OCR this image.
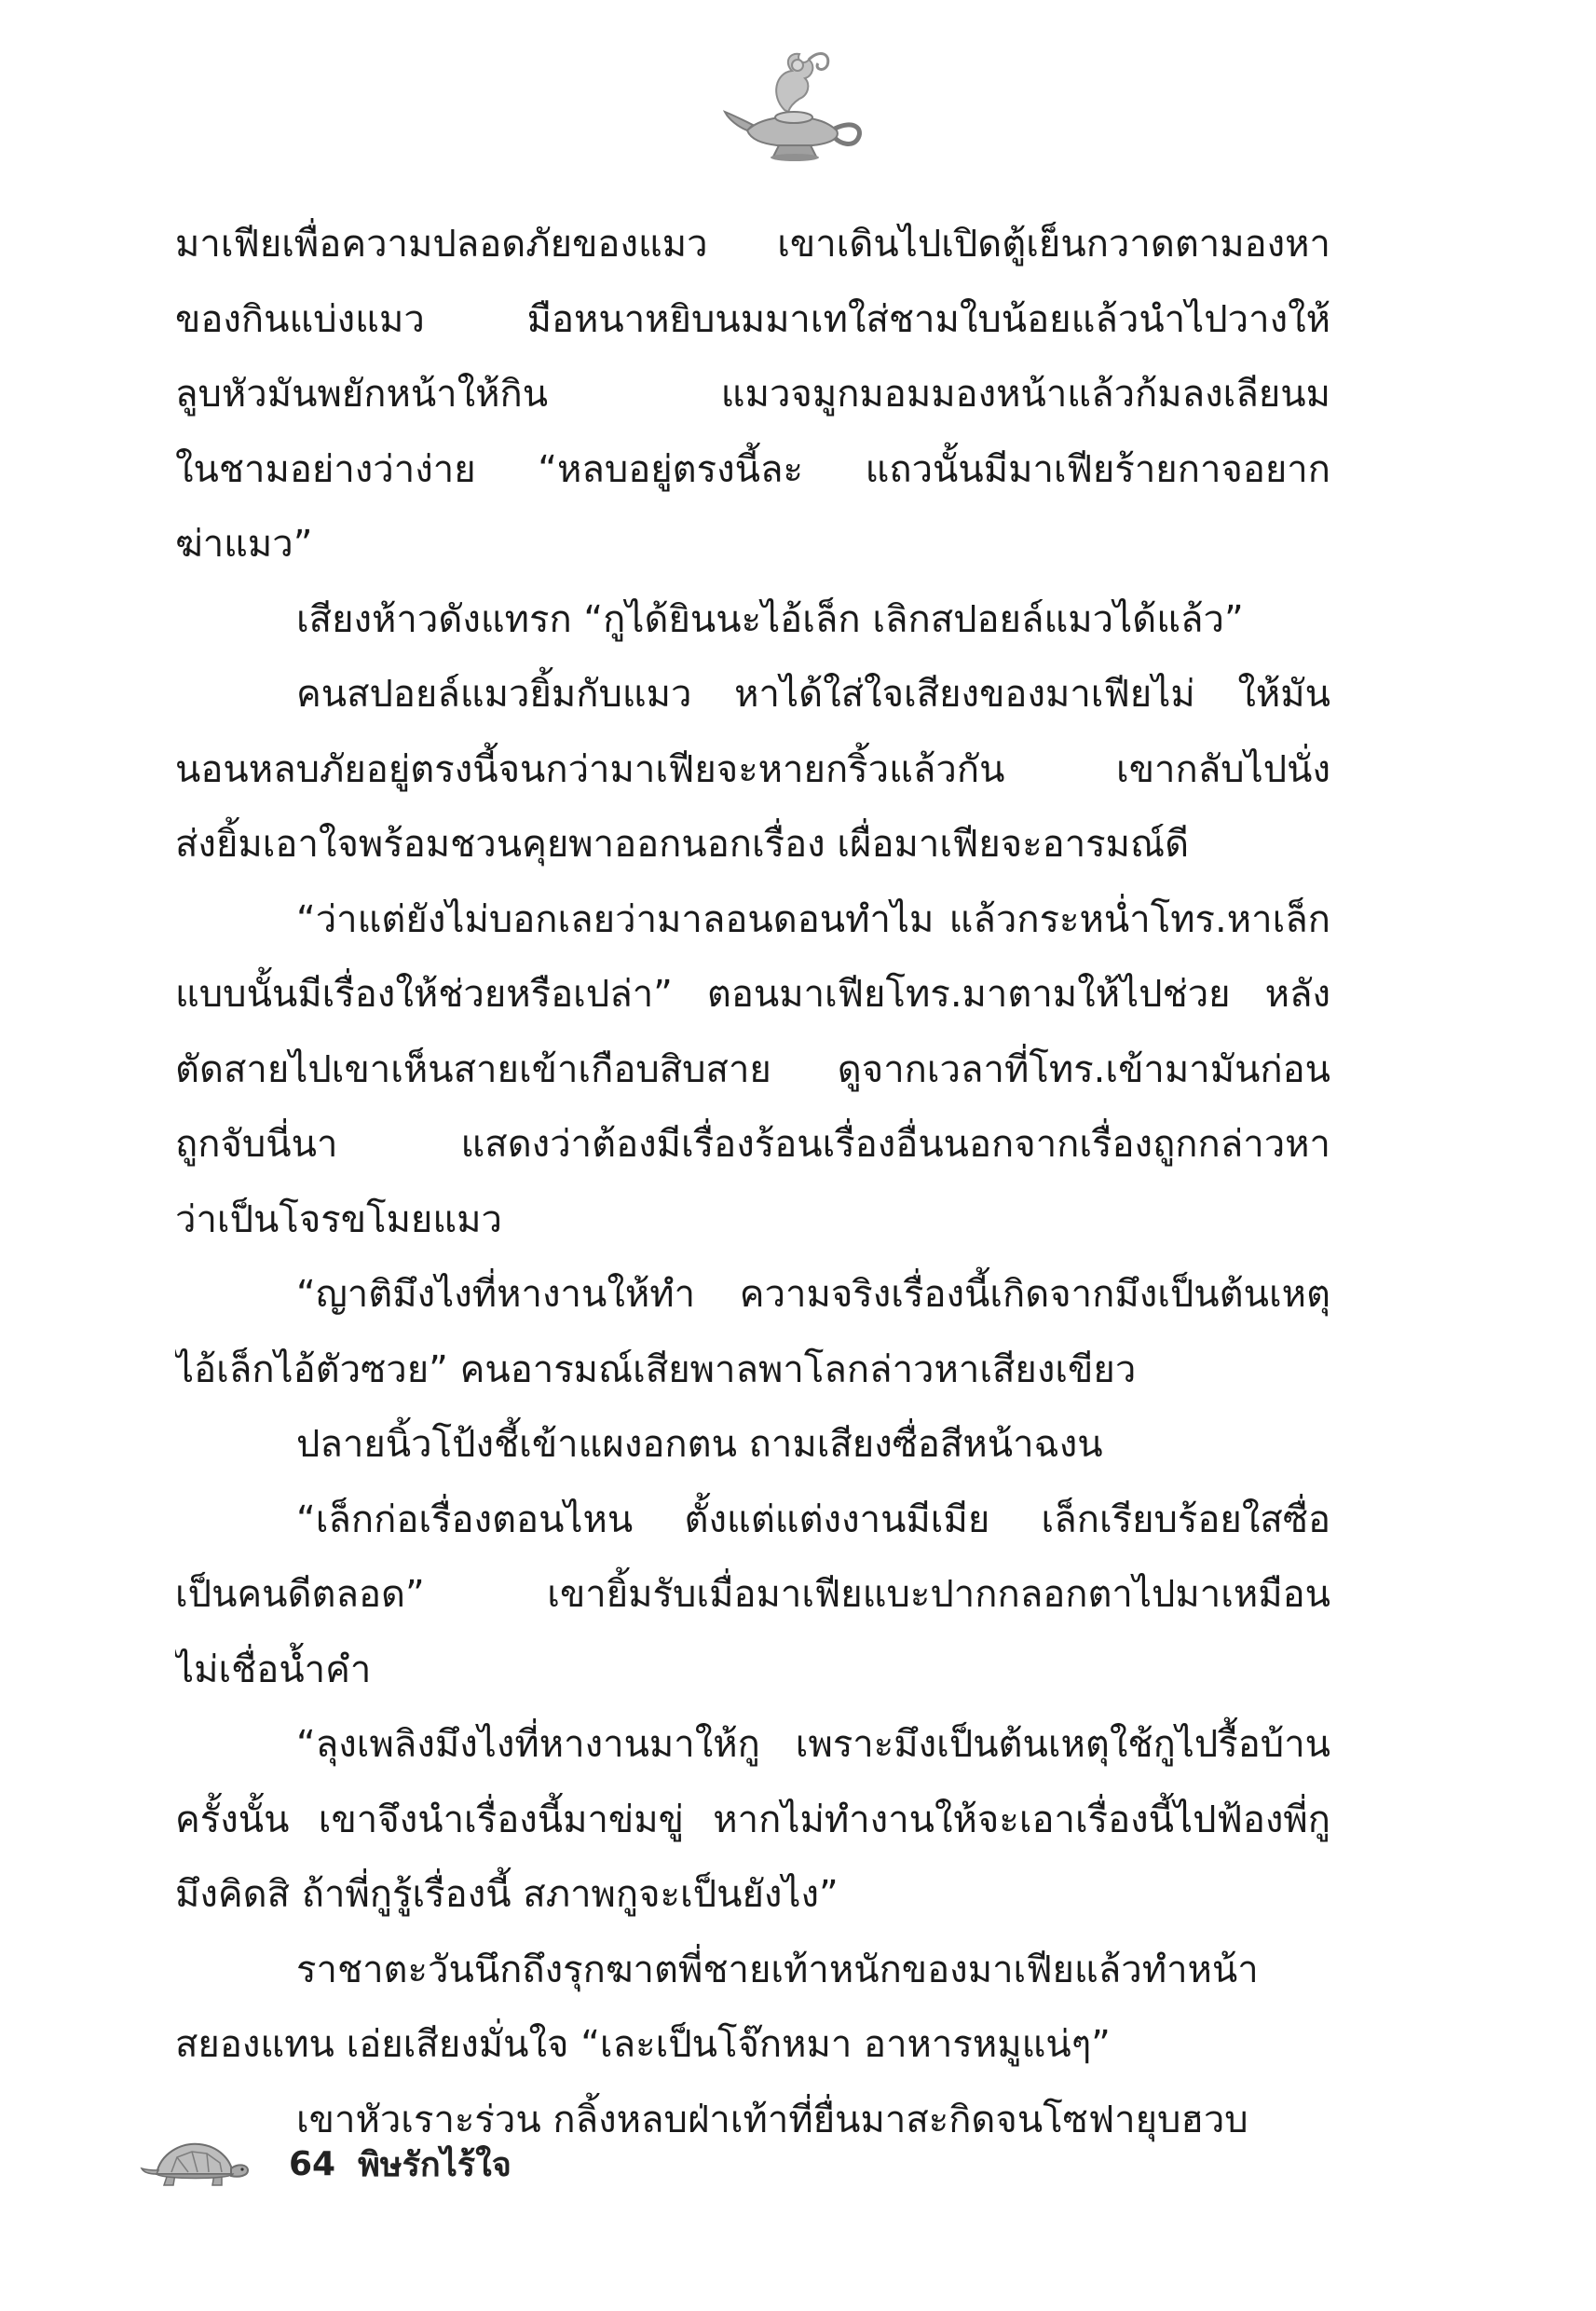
มาเฟียเพื่อความปลอดภัยของแมว เขาเดินไปเปิดตู้เย็นกวาดตามองหา
ของกินแบ่งแมว มือหนาหยิบนมมาเทใส่ชามใบน้อยแล้วนำไปวางให้
ลูบหัวมันพยักหน้าให้กิน แมวจมูกมอมมองหน้าแล้วก้มลงเลียนม
ในชามอย่างว่าง่าย “หลบอยู่ตรงนี้ละ แถวนั้นมีมาเฟียร้ายกาจอยาก
ฆ่าแมว”
เสียงห้าวดังแทรก “กูได้ยินนะไอ้เล็ก เลิกสปอยล์แมวได้แล้ว”
คนสปอยล์แมวยิ้มกับแมว หาได้ใส่ใจเสียงของมาเฟียไม่ ให้มัน
นอนหลบภัยอยู่ตรงนี้จนกว่ามาเฟียจะหายกริ้วแล้วกัน เขากลับไปนั่ง
ส่งยิ้มเอาใจพร้อมชวนคุยพาออกนอกเรื่อง เผื่อมาเฟียจะอารมณ์ดี
“ว่าแต่ยังไม่บอกเลยว่ามาลอนดอนทำไม แล้วกระหน่ำโทร.หาเล็ก
แบบนั้นมีเรื่องให้ช่วยหรือเปล่า” ตอนมาเฟียโทร.มาตามให้ไปช่วย หลัง
ตัดสายไปเขาเห็นสายเข้าเกือบสิบสาย ดูจากเวลาที่โทร.เข้ามามันก่อน
ถูกจับนี่นา แสดงว่าต้องมีเรื่องร้อนเรื่องอื่นนอกจากเรื่องถูกกล่าวหา
ว่าเป็นโจรขโมยแมว
“ญาติมึงไงที่หางานให้ทำ ความจริงเรื่องนี้เกิดจากมึงเป็นต้นเหตุ
ไอ้เล็กไอ้ตัวซวย” คนอารมณ์เสียพาลพาโลกล่าวหาเสียงเขียว
ปลายนิ้วโป้งชี้เข้าแผงอกตน ถามเสียงซื่อสีหน้าฉงน
“เล็กก่อเรื่องตอนไหน ตั้งแต่แต่งงานมีเมีย เล็กเรียบร้อยใสซื่อ
เป็นคนดีตลอด” เขายิ้มรับเมื่อมาเฟียแบะปากกลอกตาไปมาเหมือน
ไม่เชื่อน้ำคำ
“ลุงเพลิงมึงไงที่หางานมาให้กู เพราะมึงเป็นต้นเหตุใช้กูไปรื้อบ้าน
ครั้งนั้น เขาจึงนำเรื่องนี้มาข่มขู่ หากไม่ทำงานให้จะเอาเรื่องนี้ไปฟ้องพี่กู
มึงคิดสิ ถ้าพี่กูรู้เรื่องนี้ สภาพกูจะเป็นยังไง”
ราชาตะวันนึกถึงรุกฆาตพี่ชายเท้าหนักของมาเฟียแล้วทำหน้า
สยองแทน เอ่ยเสียงมั่นใจ “เละเป็นโจ๊กหมา อาหารหมูแน่ๆ”
เขาหัวเราะร่วน กลิ้งหลบฝ่าเท้าที่ยื่นมาสะกิดจนโซฟายุบฮวบ
64 พิษรักไร้ใจ
